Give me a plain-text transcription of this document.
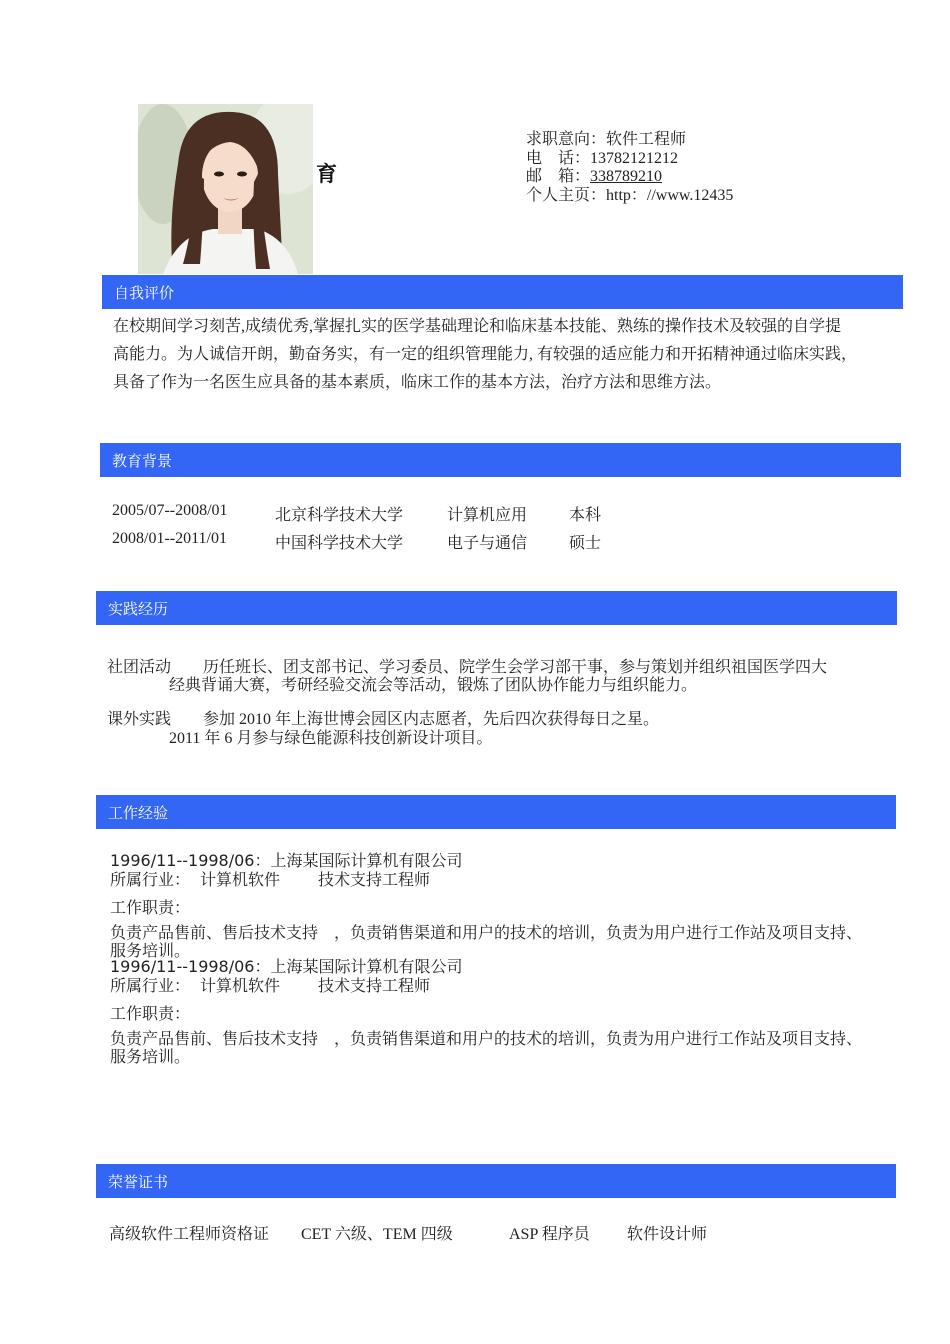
育
求职意向：软件工程师
电　话：13782121212
邮　箱：338789210
个人主页：http：//www.12435
自我评价
在校期间学习刻苦,成绩优秀,掌握扎实的医学基础理论和临床基本技能、熟练的操作技术及较强的自学提
高能力。为人诚信开朗，勤奋务实，有一定的组织管理能力, 有较强的适应能力和开拓精神通过临床实践，
具备了作为一名医生应具备的基本素质，临床工作的基本方法，治疗方法和思维方法。
教育背景
2005/07--2008/01	北京科学技术大学	计算机应用	本科
2008/01--2011/01	中国科学技术大学	电子与通信	硕士
实践经历
社团活动 历任班长、团支部书记、学习委员、院学生会学习部干事，参与策划并组织祖国医学四大
经典背诵大赛，考研经验交流会等活动，锻炼了团队协作能力与组织能力。
课外实践 参加 2010 年上海世博会园区内志愿者，先后四次获得每日之星。
2011 年 6 月参与绿色能源科技创新设计项目。
工作经验
1996/11--1998/06：上海某国际计算机有限公司
所属行业： 计算机软件 技术支持工程师
工作职责：
负责产品售前、售后技术支持　，负责销售渠道和用户的技术的培训，负责为用户进行工作站及项目支持、
服务培训。
1996/11--1998/06：上海某国际计算机有限公司
所属行业： 计算机软件 技术支持工程师
工作职责：
负责产品售前、售后技术支持　，负责销售渠道和用户的技术的培训，负责为用户进行工作站及项目支持、
服务培训。
荣誉证书
高级软件工程师资格证 CET 六级、TEM 四级	ASP 程序员 软件设计师
